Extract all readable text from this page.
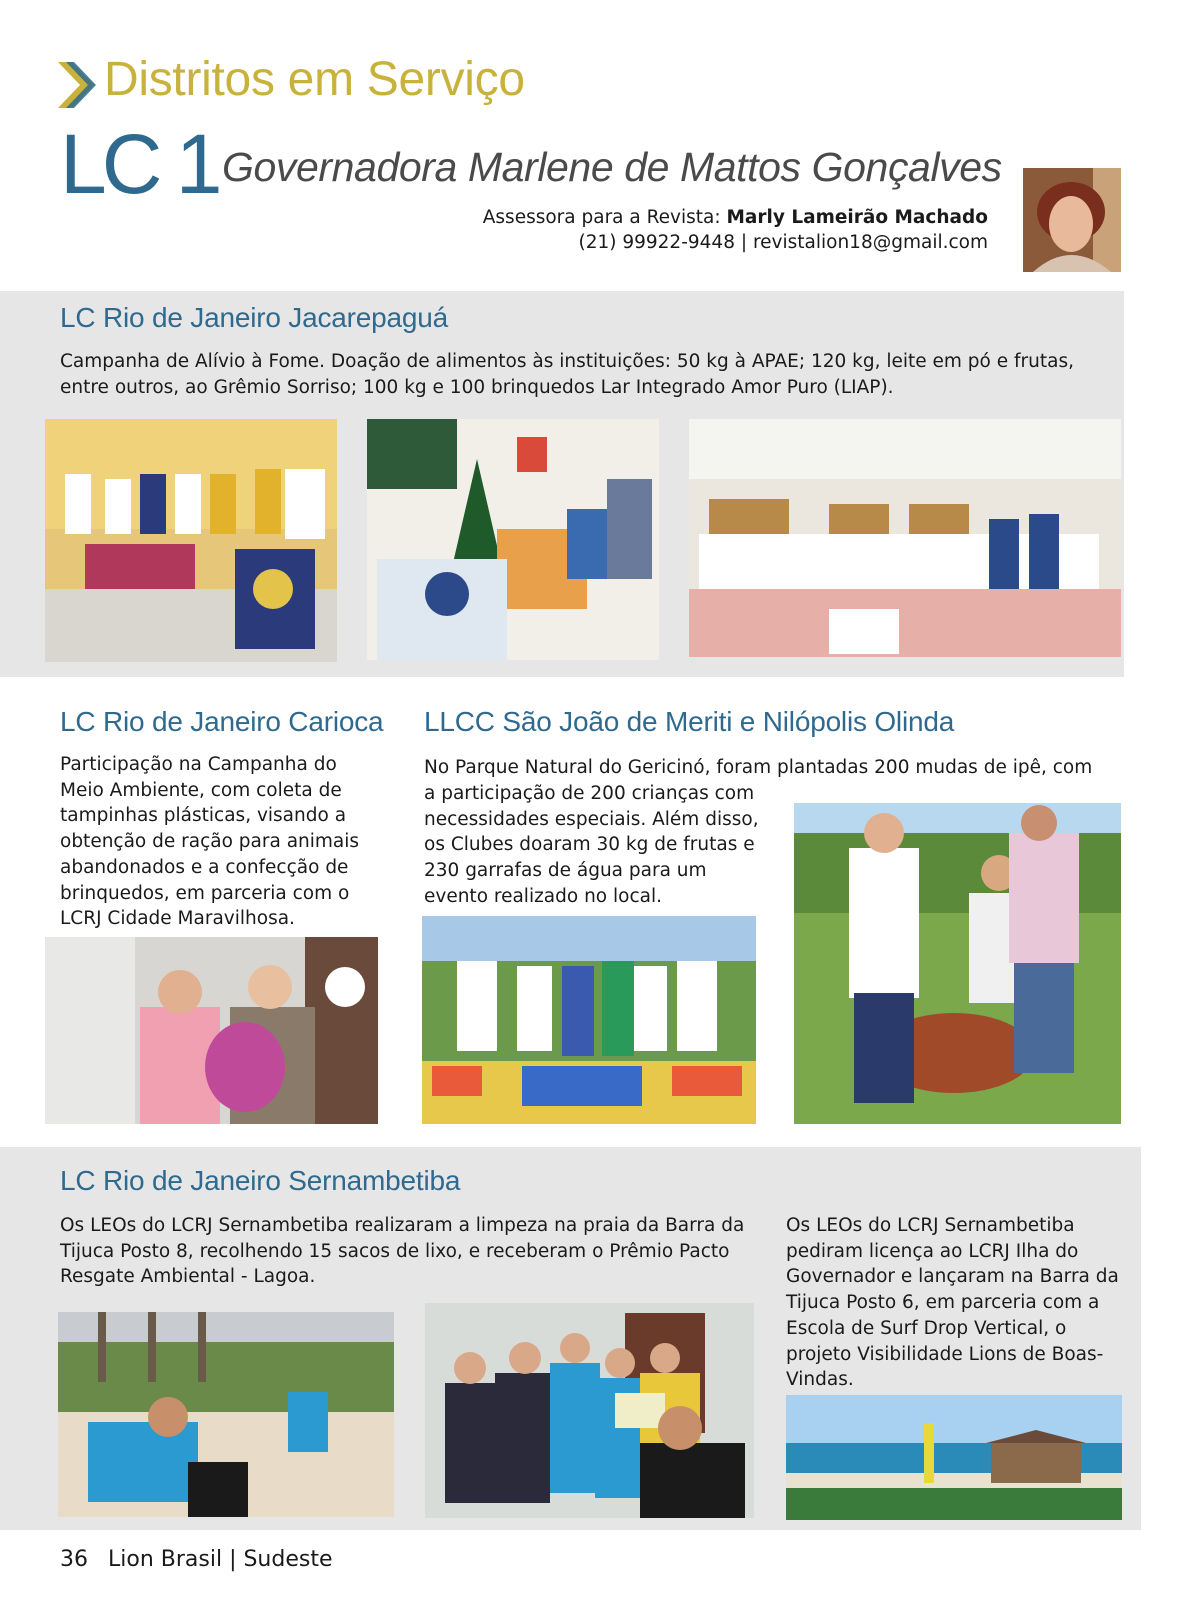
Distritos em Serviço
LC 1 Governadora Marlene de Mattos Gonçalves
Assessora para a Revista: Marly Lameirão Machado
(21) 99922-9448 | revistalion18@gmail.com
LC Rio de Janeiro Jacarepaguá

Campanha de Alívio à Fome. Doação de alimentos às instituições: 50 kg à APAE; 120 kg, leite em pó e frutas, entre outros, ao Grêmio Sorriso; 100 kg e 100 brinquedos Lar Integrado Amor Puro (LIAP).

LC Rio de Janeiro Carioca

Participação na Campanha do Meio Ambiente, com coleta de tampinhas plásticas, visando a obtenção de ração para animais abandonados e a confecção de brinquedos, em parceria com o LCRJ Cidade Maravilhosa.

LLCC São João de Meriti e Nilópolis Olinda

No Parque Natural do Gericinó, foram plantadas 200 mudas de ipê, com

a participação de 200 crianças com necessidades especiais. Além disso, os Clubes doaram 30 kg de frutas e 230 garrafas de água para um evento realizado no local.

LC Rio de Janeiro Sernambetiba

Os LEOs do LCRJ Sernambetiba realizaram a limpeza na praia da Barra da Tijuca Posto 8, recolhendo 15 sacos de lixo, e receberam o Prêmio Pacto Resgate Ambiental - Lagoa.

Os LEOs do LCRJ Sernambetiba pediram licença ao LCRJ Ilha do Governador e lançaram na Barra da Tijuca Posto 6, em parceria com a Escola de Surf Drop Vertical, o projeto Visibilidade Lions de Boas-Vindas.

36 Lion Brasil | Sudeste
